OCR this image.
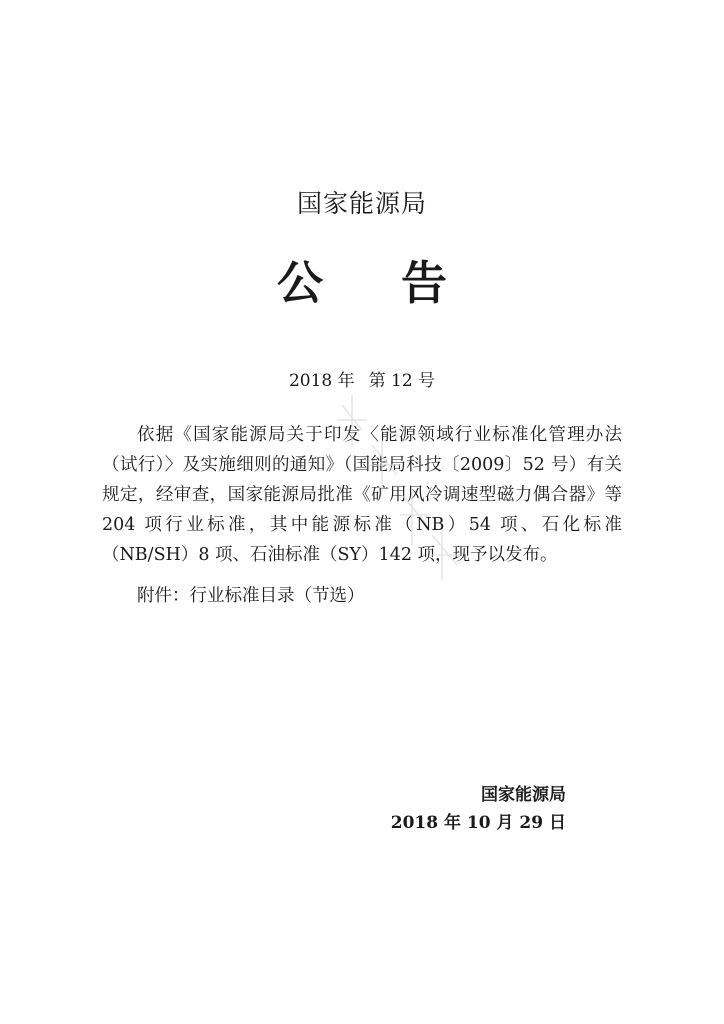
国家能源局
公 告
2018 年 第 12 号

依据《国家能源局关于印发〈能源领域行业标准化管理办法（试行）〉及实施细则的通知》（国能局科技〔2009〕52 号）有关规定，经审查，国家能源局批准《矿用风冷调速型磁力偶合器》等 204 项行业标准，其中能源标准（NB）54 项、石化标准（NB/SH）8 项、石油标准（SY）142 项，现予以发布。

附件：行业标准目录（节选）

国家能源局
2018 年 10 月 29 日
